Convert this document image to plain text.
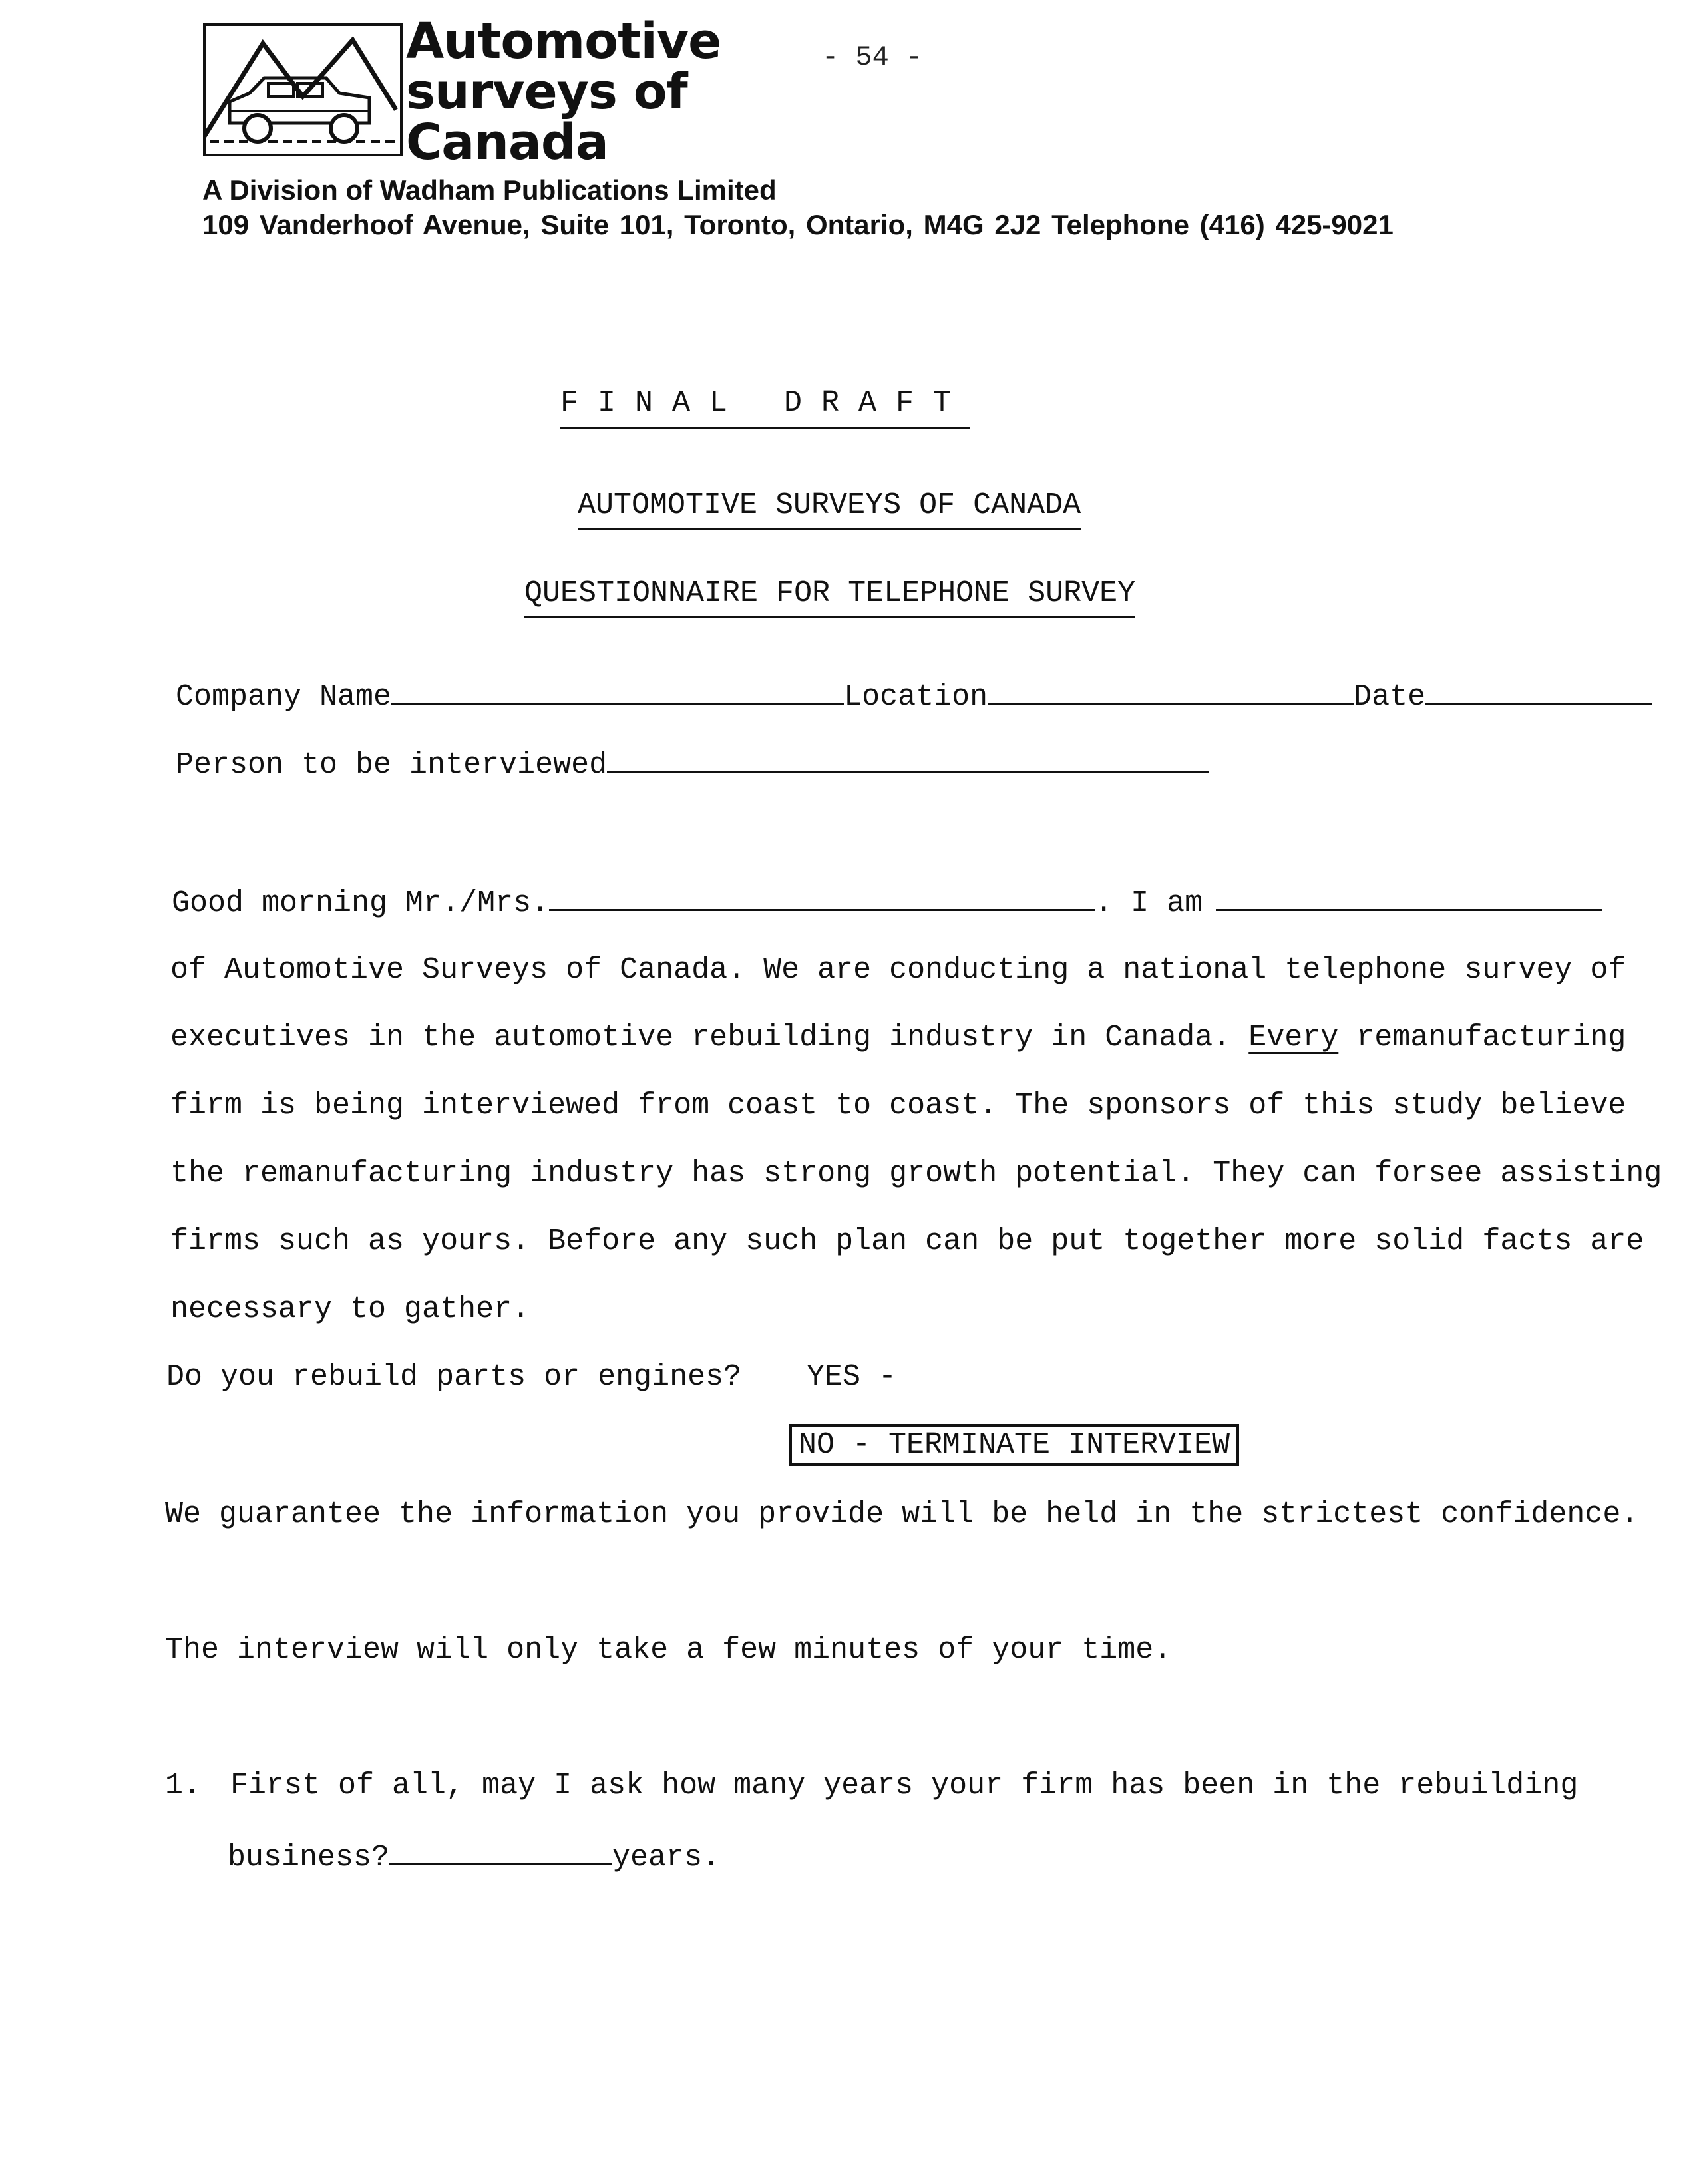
Automotive
surveys of
Canada
- 54 -
A Division of Wadham Publications Limited
109 Vanderhoof Avenue, Suite 101, Toronto, Ontario, M4G 2J2 Telephone (416) 425-9021
FINAL DRAFT
AUTOMOTIVE SURVEYS OF CANADA
QUESTIONNAIRE FOR TELEPHONE SURVEY
Company Name	Location	Date
Person to be interviewed
Good morning Mr./Mrs.	. I am
of Automotive Surveys of Canada. We are conducting a national telephone survey of
executives in the automotive rebuilding industry in Canada. Every remanufacturing
firm is being interviewed from coast to coast. The sponsors of this study believe
the remanufacturing industry has strong growth potential. They can forsee assisting
firms such as yours. Before any such plan can be put together more solid facts are
necessary to gather.
Do you rebuild parts or engines? YES -
NO - TERMINATE INTERVIEW
We guarantee the information you provide will be held in the strictest confidence.
The interview will only take a few minutes of your time.
1. First of all, may I ask how many years your firm has been in the rebuilding
business?	years.
